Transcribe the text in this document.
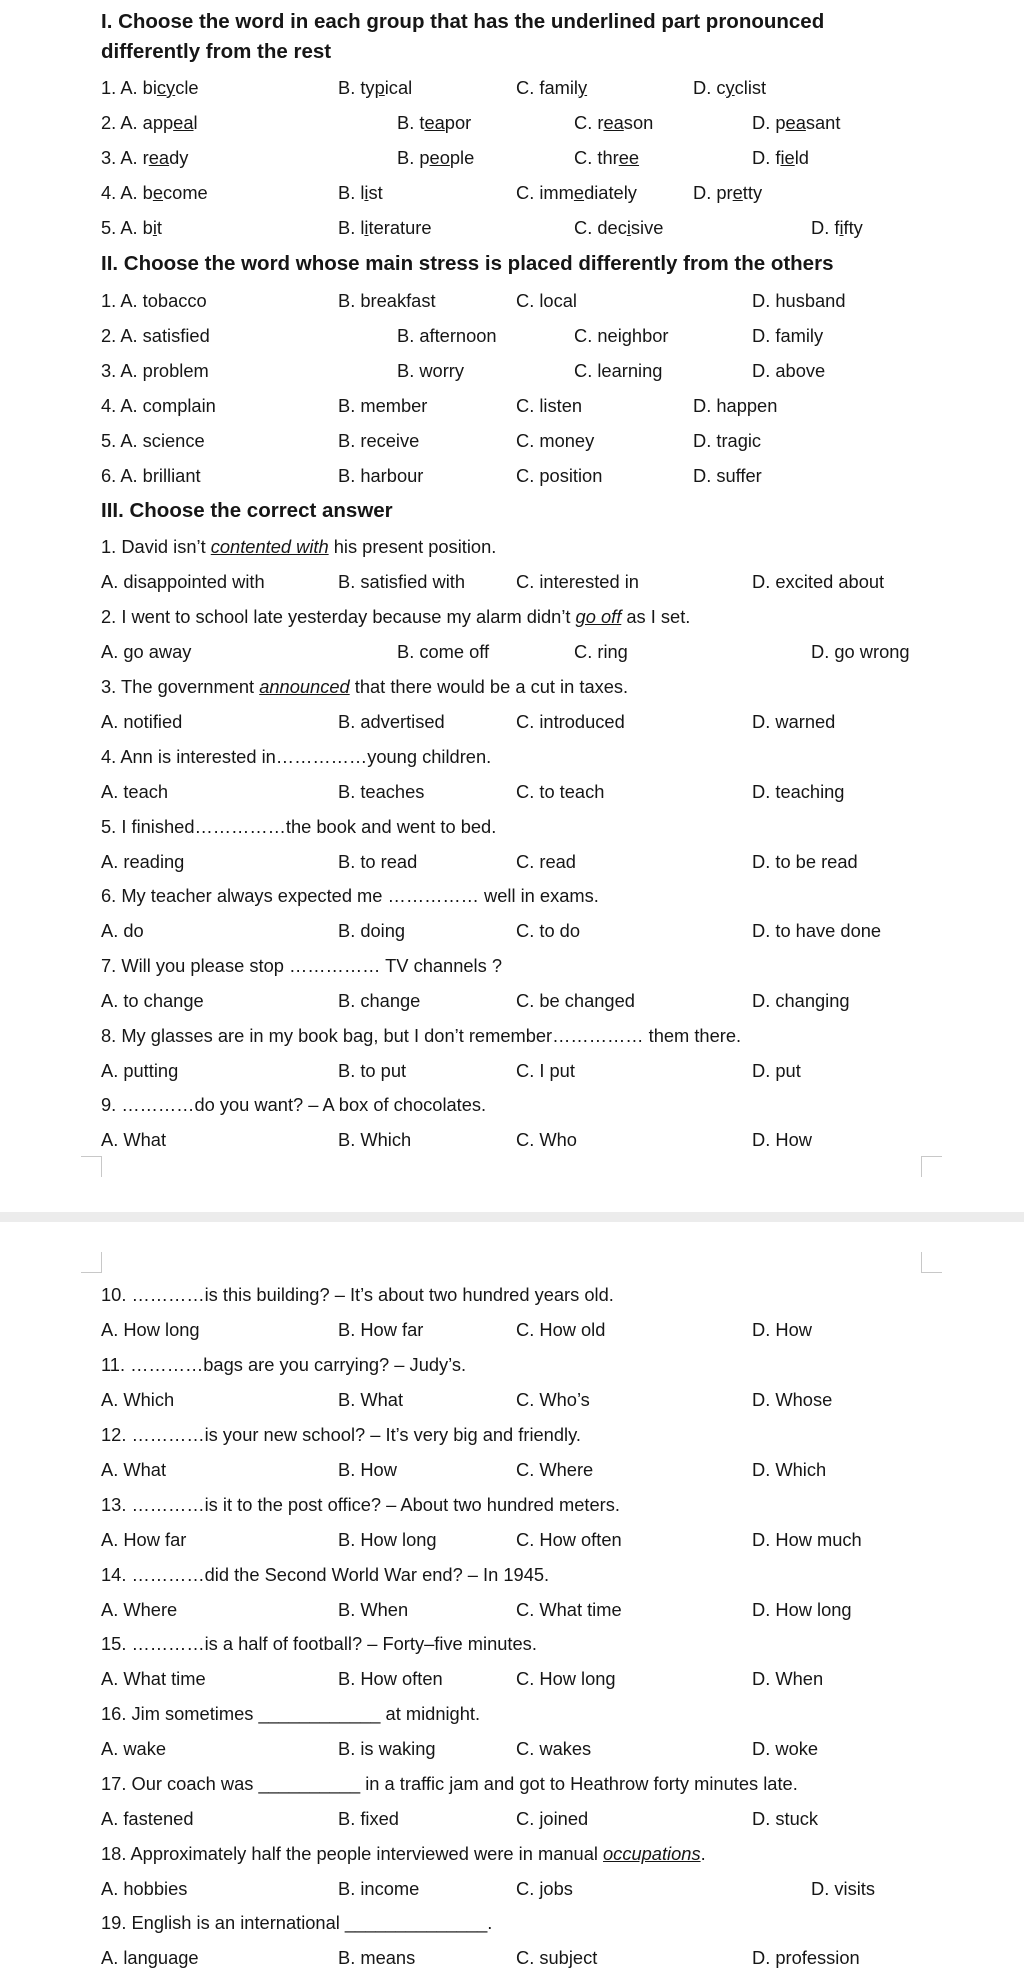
I. Choose the word in each group that has the underlined part pronounced
differently from the rest
1. A. bicycle	B. typical	C. family	D. cyclist
2. A. appeal	B. teapor	C. reason	D. peasant
3. A. ready	B. people	C. three	D. field
4. A. become	B. list	C. immediately	D. pretty
5. A. bit	B. literature	C. decisive	D. fifty
II. Choose the word whose main stress is placed differently from the others
1. A. tobacco	B. breakfast	C. local	D. husband
2. A. satisfied	B. afternoon	C. neighbor	D. family
3. A. problem	B. worry	C. learning	D. above
4. A. complain	B. member	C. listen	D. happen
5. A. science	B. receive	C. money	D. tragic
6. A. brilliant	B. harbour	C. position	D. suffer
III. Choose the correct answer
1. David isn’t contented with his present position.
A. disappointed with	B. satisfied with	C. interested in	D. excited about
2. I went to school late yesterday because my alarm didn’t go off as I set.
A. go away	B. come off	C. ring	D. go wrong
3. The government announced that there would be a cut in taxes.
A. notified	B. advertised	C. introduced	D. warned
4. Ann is interested in……………young children.
A. teach	B. teaches	C. to teach	D. teaching
5. I finished……………the book and went to bed.
A. reading	B. to read	C. read	D. to be read
6. My teacher always expected me …………… well in exams.
A. do	B. doing	C. to do	D. to have done
7. Will you please stop …………… TV channels ?
A. to change	B. change	C. be changed	D. changing
8. My glasses are in my book bag, but I don’t remember…………… them there.
A. putting	B. to put	C. I put	D. put
9. …………do you want? – A box of chocolates.
A. What	B. Which	C. Who	D. How
10. …………is this building? – It’s about two hundred years old.
A. How long	B. How far	C. How old	D. How
11. …………bags are you carrying? – Judy’s.
A. Which	B. What	C. Who’s	D. Whose
12. …………is your new school? – It’s very big and friendly.
A. What	B. How	C. Where	D. Which
13. …………is it to the post office? – About two hundred meters.
A. How far	B. How long	C. How often	D. How much
14. …………did the Second World War end? – In 1945.
A. Where	B. When	C. What time	D. How long
15. …………is a half of football? – Forty–five minutes.
A. What time	B. How often	C. How long	D. When
16. Jim sometimes ____________ at midnight.
A. wake	B. is waking	C. wakes	D. woke
17. Our coach was __________ in a traffic jam and got to Heathrow forty minutes late.
A. fastened	B. fixed	C. joined	D. stuck
18. Approximately half the people interviewed were in manual occupations.
A. hobbies	B. income	C. jobs	D. visits
19. English is an international ______________.
A. language	B. means	C. subject	D. profession
